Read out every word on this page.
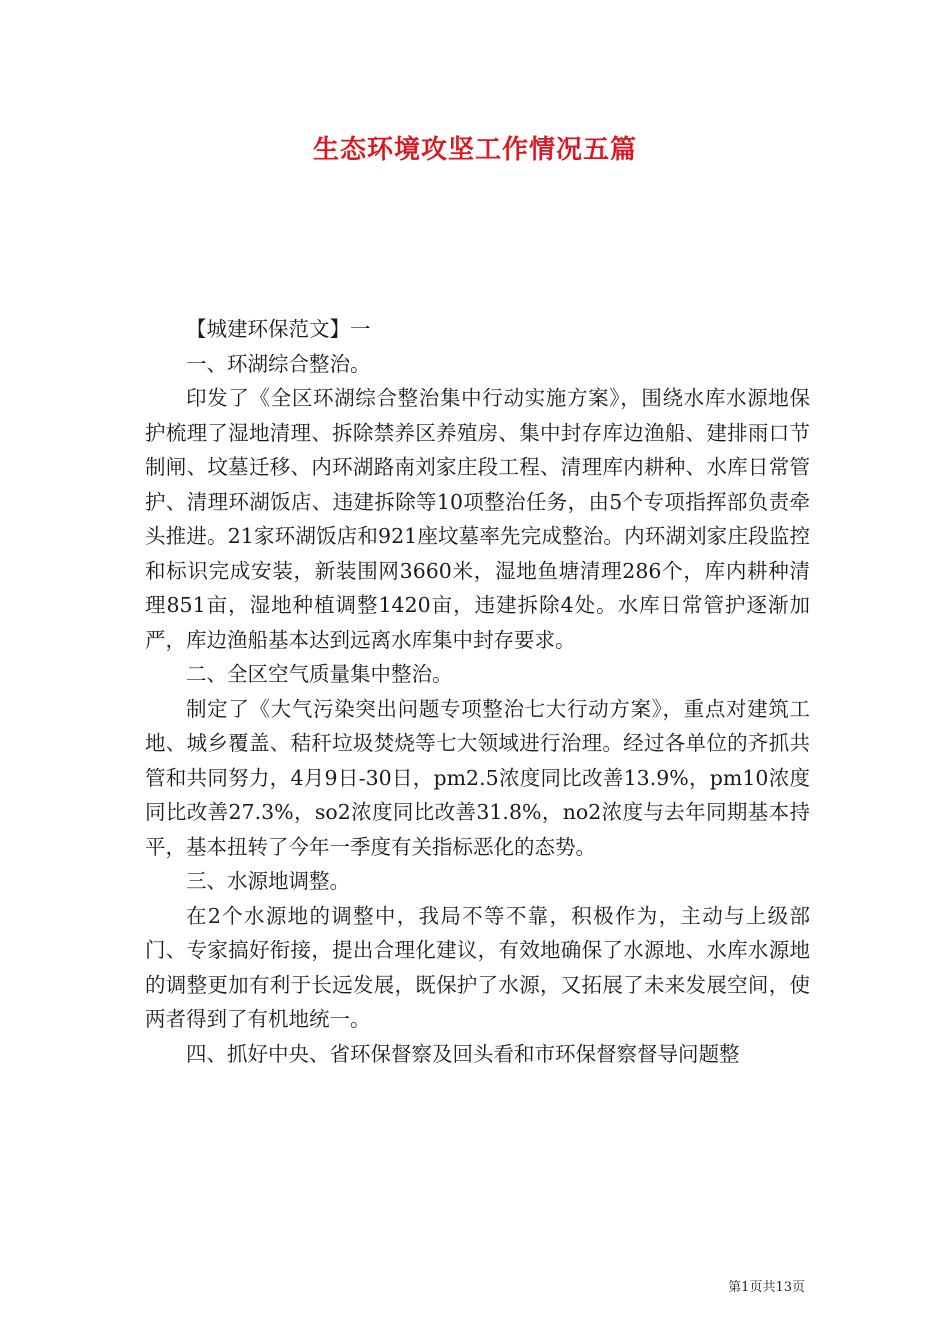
生态环境攻坚工作情况五篇

【城建环保范文】一

一、环湖综合整治。

印发了《全区环湖综合整治集中行动实施方案》，围绕水库水源地保护梳理了湿地清理、拆除禁养区养殖房、集中封存库边渔船、建排雨口节制闸、坟墓迁移、内环湖路南刘家庄段工程、清理库内耕种、水库日常管护、清理环湖饭店、违建拆除等10项整治任务，由5个专项指挥部负责牵头推进。21家环湖饭店和921座坟墓率先完成整治。内环湖刘家庄段监控和标识完成安装，新装围网3660米，湿地鱼塘清理286个，库内耕种清理851亩，湿地种植调整1420亩，违建拆除4处。水库日常管护逐渐加严，库边渔船基本达到远离水库集中封存要求。

二、全区空气质量集中整治。

制定了《大气污染突出问题专项整治七大行动方案》，重点对建筑工地、城乡覆盖、秸秆垃圾焚烧等七大领域进行治理。经过各单位的齐抓共管和共同努力，4月9日-30日，pm2.5浓度同比改善13.9%，pm10浓度同比改善27.3%，so2浓度同比改善31.8%，no2浓度与去年同期基本持平，基本扭转了今年一季度有关指标恶化的态势。

三、水源地调整。

在2个水源地的调整中，我局不等不靠，积极作为，主动与上级部门、专家搞好衔接，提出合理化建议，有效地确保了水源地、水库水源地的调整更加有利于长远发展，既保护了水源，又拓展了未来发展空间，使两者得到了有机地统一。

四、抓好中央、省环保督察及回头看和市环保督察督导问题整

第1页共13页
